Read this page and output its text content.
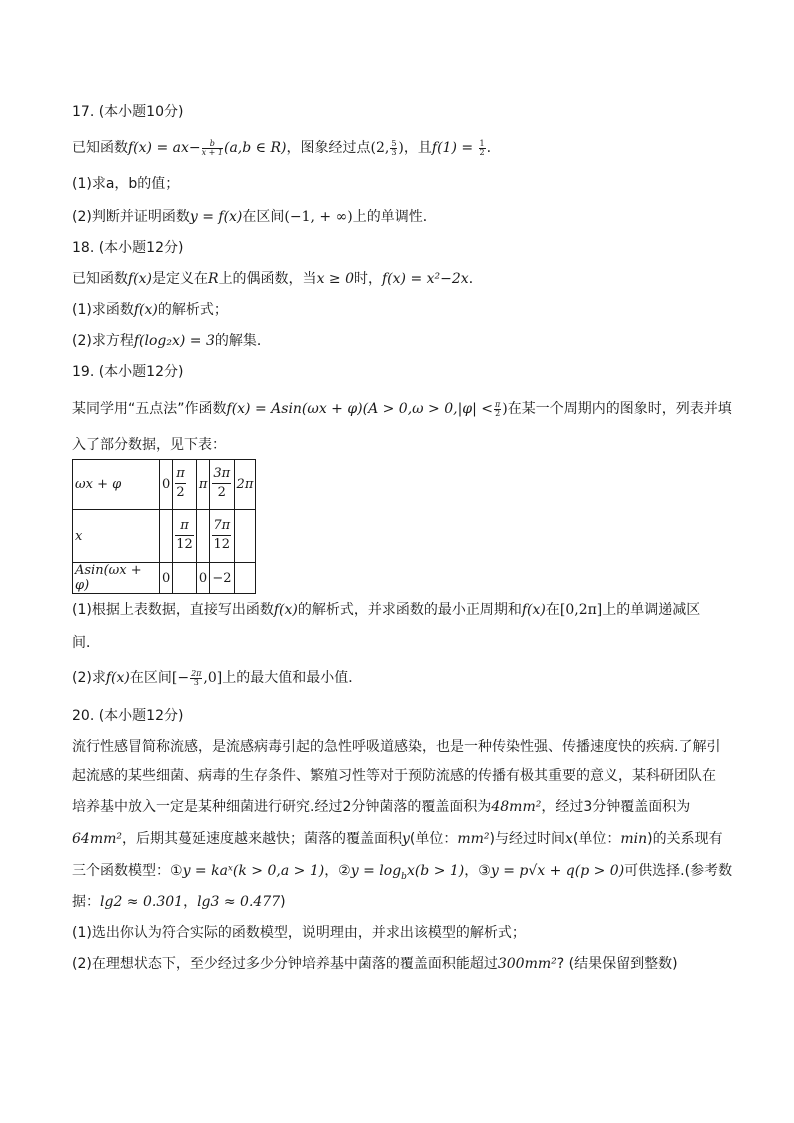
17. (本小题10分)
已知函数$f(x) = ax- \frac{b}{x + 1} (a,b$ ∈ R)，图象经过点(2, $\frac{5}{3}$ )，且$f(1) = \frac{1}{2}$ .
(1)求a，b的值；
(2)判断并证明函数y = f(x)在区间(−1, + ∞)上的单调性．
18. (本小题12分)
已知函数f(x)是定义在R上的偶函数，当x ≥ 0时，f(x) = x²−2x．
(1)求函数f(x)的解析式；
(2)求方程f(log₂x) = 3的解集．
19. (本小题12分)
某同学用“五点法”作函数$f(x) = Asin(\omega x + \varphi)(A > 0,\omega > 0,|\varphi| < \frac{\pi}{2}$ )在某一个周期内的图象时，列表并填
入了部分数据，见下表：
ωx + φ	0	$\frac{\pi}{2}$	π	$\frac{3\pi}{2}$	2π
x		$\frac{\pi}{12}$		$\frac{7\pi}{12}$

Asin(ωx + φ)	0		0	−2	
(1)根据上表数据，直接写出函数f(x)的解析式，并求函数的最小正周期和f(x)在[0,2π]上的单调递减区
间．
(2)求f(x)在区间[− $\frac{2\pi}{3} ,0$]上的最大值和最小值．
20. (本小题12分)
流行性感冒简称流感，是流感病毒引起的急性呼吸道感染，也是一种传染性强、传播速度快的疾病.了解引
起流感的某些细菌、病毒的生存条件、繁殖习性等对于预防流感的传播有极其重要的意义，某科研团队在
培养基中放入一定是某种细菌进行研究.经过2分钟菌落的覆盖面积为48mm²，经过3分钟覆盖面积为
64mm²，后期其蔓延速度越来越快；菌落的覆盖面积y(单位：mm²)与经过时间x(单位：min)的关系现有
三个函数模型：①y = kaˣ(k > 0,a > 1)，②y = $\log_bx(b > 1)$，③y = p√x + q(p > 0)可供选择.(参考数
据：lg2 ≈ 0.301，lg3 ≈ 0.477)
(1)选出你认为符合实际的函数模型，说明理由，并求出该模型的解析式；
(2)在理想状态下，至少经过多少分钟培养基中菌落的覆盖面积能超过300mm²? (结果保留到整数)
